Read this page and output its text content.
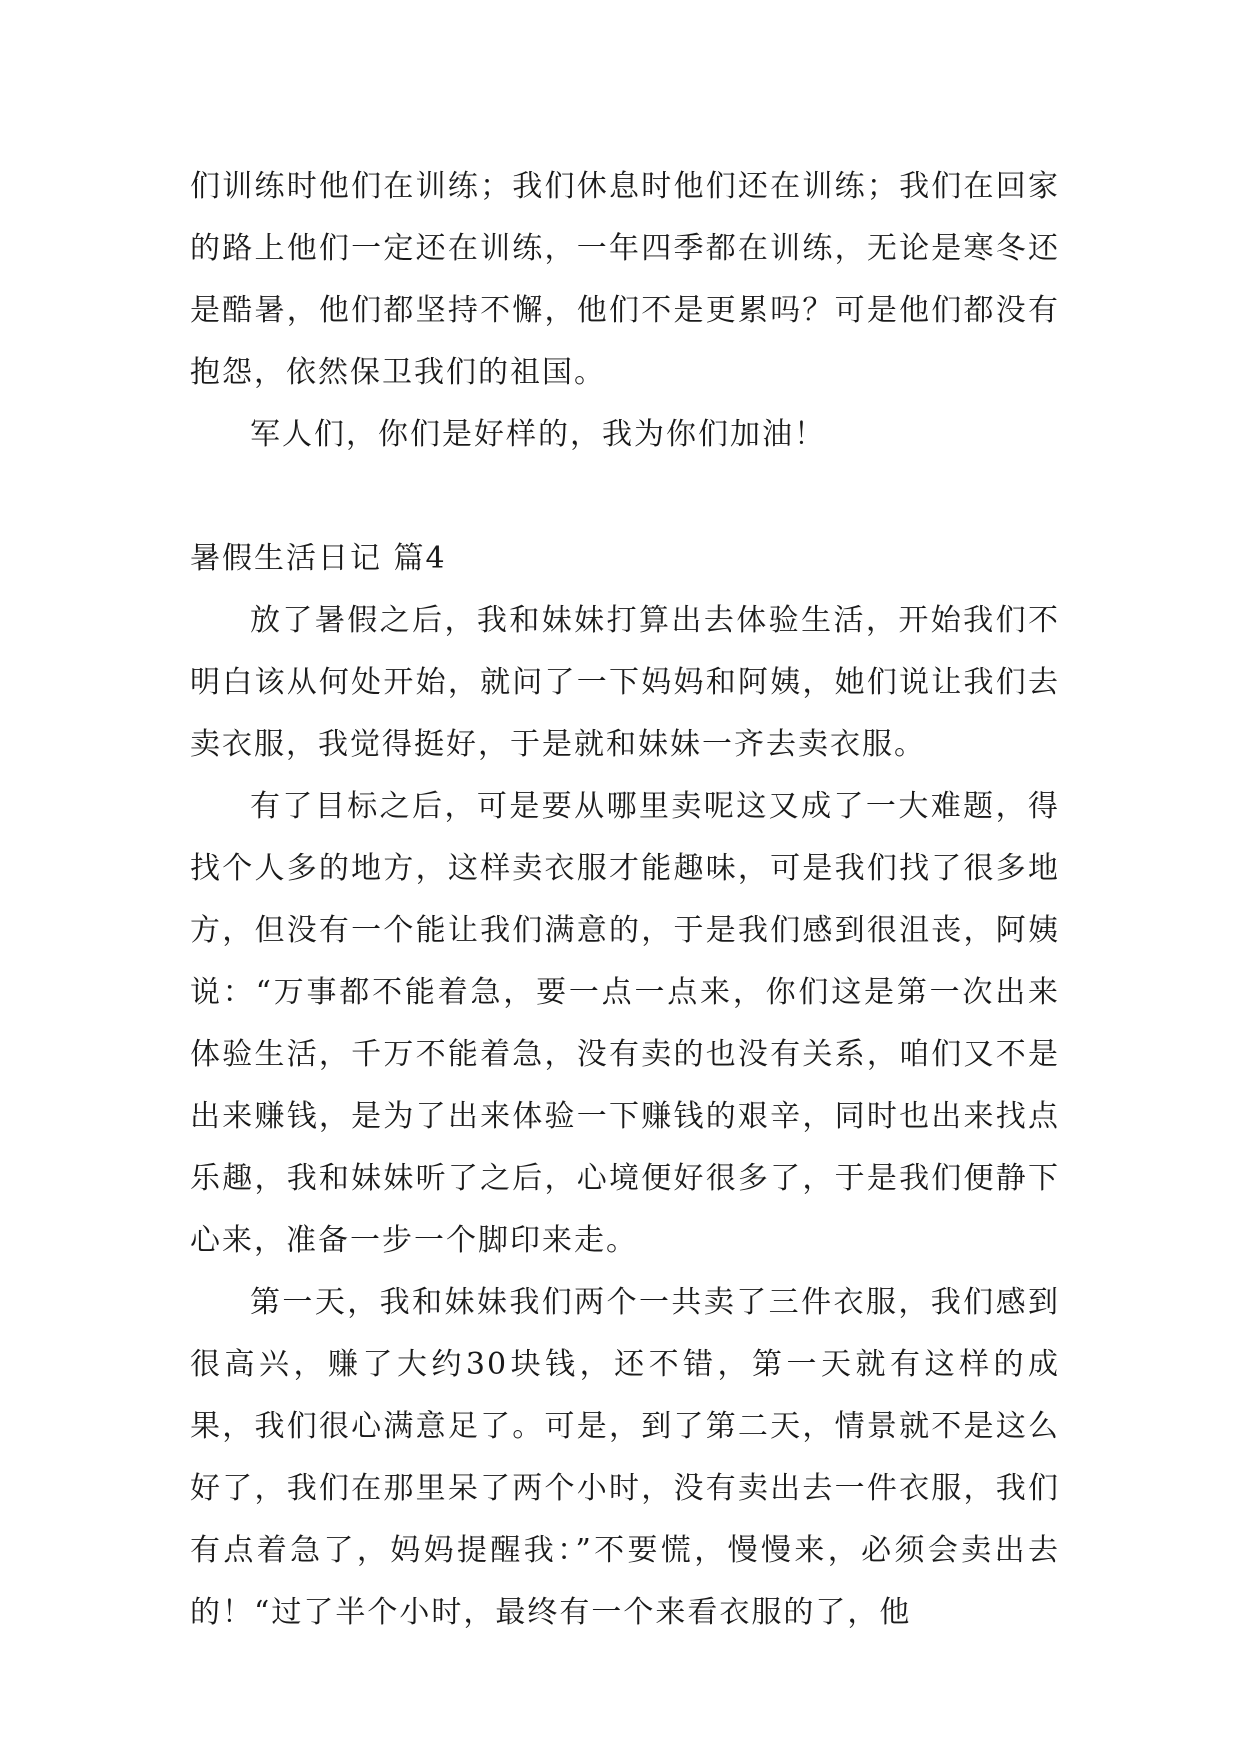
们训练时他们在训练；我们休息时他们还在训练；我们在回家的路上他们一定还在训练，一年四季都在训练，无论是寒冬还是酷暑，他们都坚持不懈，他们不是更累吗？可是他们都没有抱怨，依然保卫我们的祖国。

军人们，你们是好样的，我为你们加油！

暑假生活日记 篇4

放了暑假之后，我和妹妹打算出去体验生活，开始我们不明白该从何处开始，就问了一下妈妈和阿姨，她们说让我们去卖衣服，我觉得挺好，于是就和妹妹一齐去卖衣服。

有了目标之后，可是要从哪里卖呢这又成了一大难题，得找个人多的地方，这样卖衣服才能趣味，可是我们找了很多地方，但没有一个能让我们满意的，于是我们感到很沮丧，阿姨说：“万事都不能着急，要一点一点来，你们这是第一次出来体验生活，千万不能着急，没有卖的也没有关系，咱们又不是出来赚钱，是为了出来体验一下赚钱的艰辛，同时也出来找点乐趣，我和妹妹听了之后，心境便好很多了，于是我们便静下心来，准备一步一个脚印来走。

第一天，我和妹妹我们两个一共卖了三件衣服，我们感到很高兴，赚了大约30块钱，还不错，第一天就有这样的成果，我们很心满意足了。可是，到了第二天，情景就不是这么好了，我们在那里呆了两个小时，没有卖出去一件衣服，我们有点着急了，妈妈提醒我：”不要慌，慢慢来，必须会卖出去的！“过了半个小时，最终有一个来看衣服的了，他
